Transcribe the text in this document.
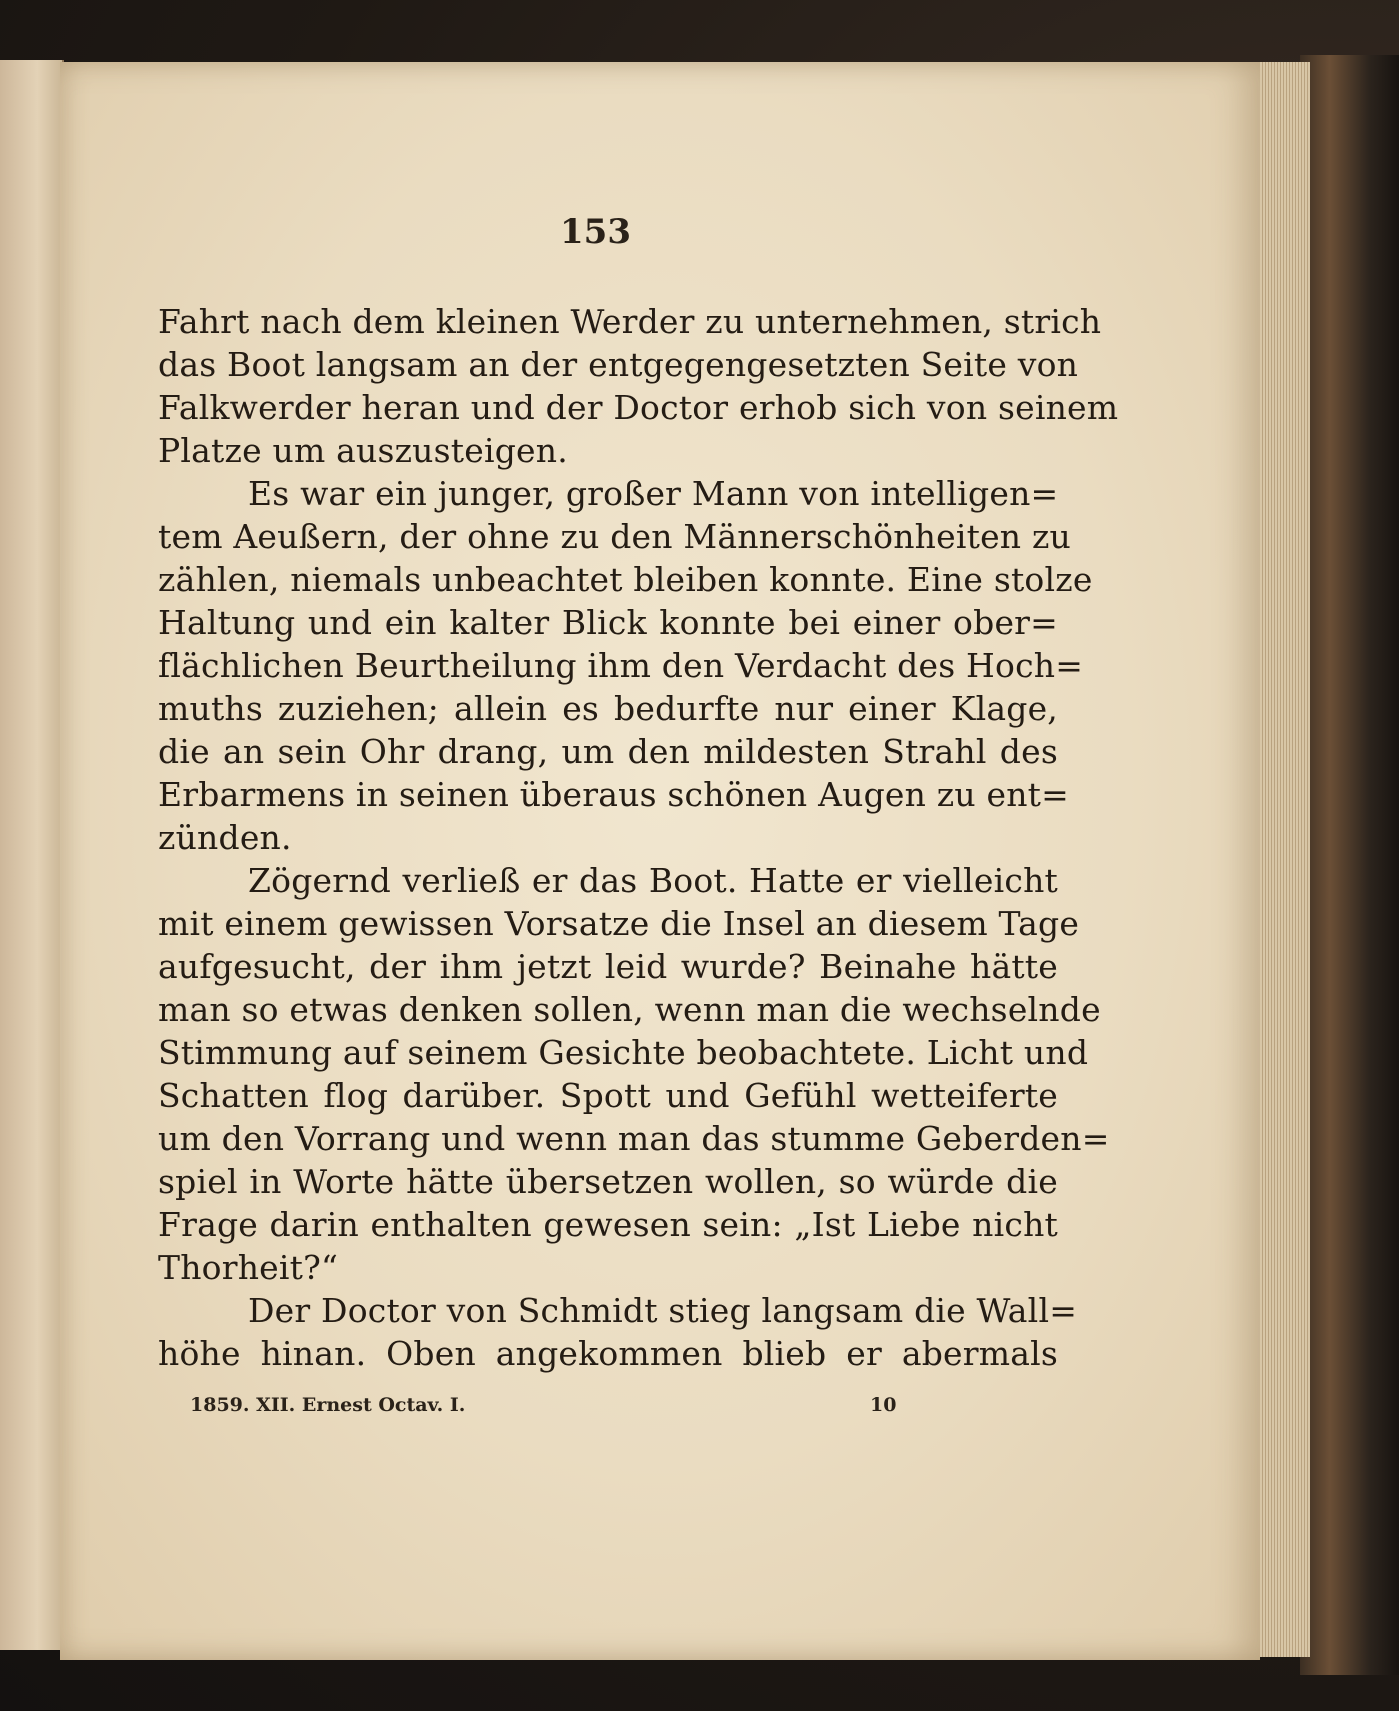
153
Fahrt nach dem kleinen Werder zu unternehmen, strich
das Boot langsam an der entgegengesetzten Seite von
Falkwerder heran und der Doctor erhob sich von seinem
Platze um auszusteigen.
Es war ein junger, großer Mann von intelligen=
tem Aeußern, der ohne zu den Männerschönheiten zu
zählen, niemals unbeachtet bleiben konnte. Eine stolze
Haltung und ein kalter Blick konnte bei einer ober=
flächlichen Beurtheilung ihm den Verdacht des Hoch=
muths zuziehen; allein es bedurfte nur einer Klage,
die an sein Ohr drang, um den mildesten Strahl des
Erbarmens in seinen überaus schönen Augen zu ent=
zünden.
Zögernd verließ er das Boot. Hatte er vielleicht
mit einem gewissen Vorsatze die Insel an diesem Tage
aufgesucht, der ihm jetzt leid wurde? Beinahe hätte
man so etwas denken sollen, wenn man die wechselnde
Stimmung auf seinem Gesichte beobachtete. Licht und
Schatten flog darüber. Spott und Gefühl wetteiferte
um den Vorrang und wenn man das stumme Geberden=
spiel in Worte hätte übersetzen wollen, so würde die
Frage darin enthalten gewesen sein: „Ist Liebe nicht
Thorheit?“
Der Doctor von Schmidt stieg langsam die Wall=
höhe hinan. Oben angekommen blieb er abermals
1859. XII. Ernest Octav. I.	10
